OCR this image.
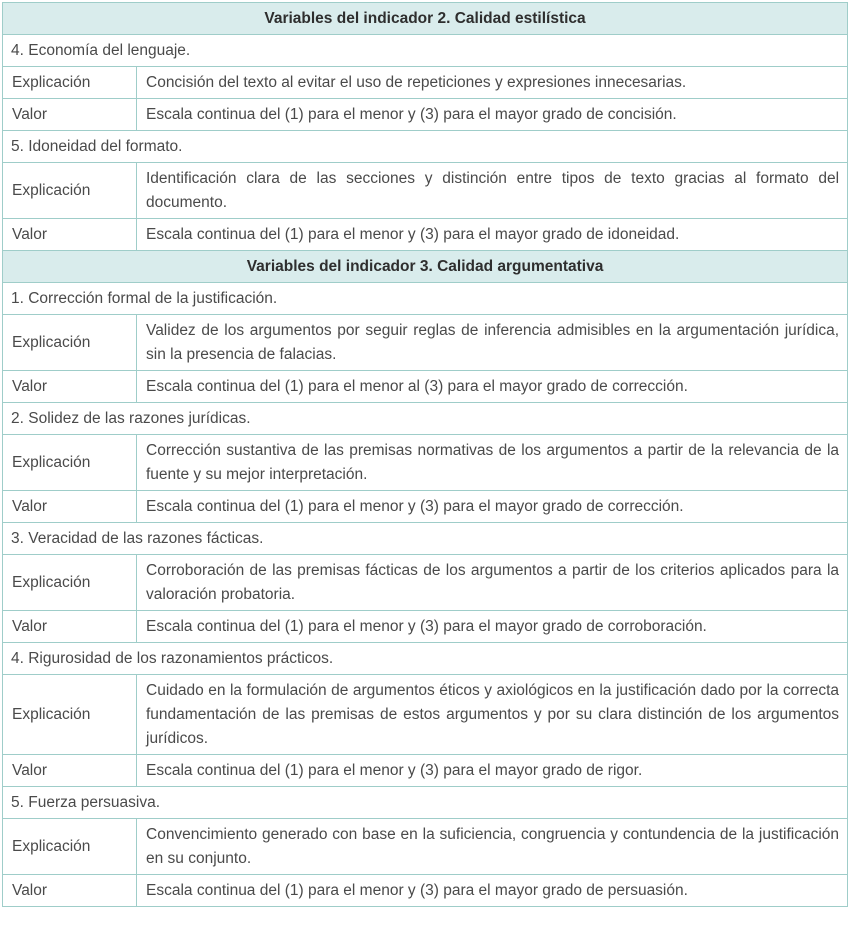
Variables del indicador 2. Calidad estilística	
4. Economía del lenguaje.	
Explicación	Concisión del texto al evitar el uso de repeticiones y expresiones innecesarias.
Valor	Escala continua del (1) para el menor y (3) para el mayor grado de concisión.
5. Idoneidad del formato.	
Explicación	Identificación clara de las secciones y distinción entre tipos de texto gracias al formato del documento.
Valor	Escala continua del (1) para el menor y (3) para el mayor grado de idoneidad.
Variables del indicador 3. Calidad argumentativa	
1. Corrección formal de la justificación.	
Explicación	Validez de los argumentos por seguir reglas de inferencia admisibles en la argumentación jurídica, sin la presencia de falacias.
Valor	Escala continua del (1) para el menor al (3) para el mayor grado de corrección.
2. Solidez de las razones jurídicas.	
Explicación	Corrección sustantiva de las premisas normativas de los argumentos a partir de la relevancia de la fuente y su mejor interpretación.
Valor	Escala continua del (1) para el menor y (3) para el mayor grado de corrección.
3. Veracidad de las razones fácticas.	
Explicación	Corroboración de las premisas fácticas de los argumentos a partir de los criterios aplicados para la valoración probatoria.
Valor	Escala continua del (1) para el menor y (3) para el mayor grado de corroboración.
4. Rigurosidad de los razonamientos prácticos.	
Explicación	Cuidado en la formulación de argumentos éticos y axiológicos en la justificación dado por la correcta fundamentación de las premisas de estos argumentos y por su clara distinción de los argumentos jurídicos.
Valor	Escala continua del (1) para el menor y (3) para el mayor grado de rigor.
5. Fuerza persuasiva.	
Explicación	Convencimiento generado con base en la suficiencia, congruencia y contundencia de la justificación en su conjunto.
Valor	Escala continua del (1) para el menor y (3) para el mayor grado de persuasión.
